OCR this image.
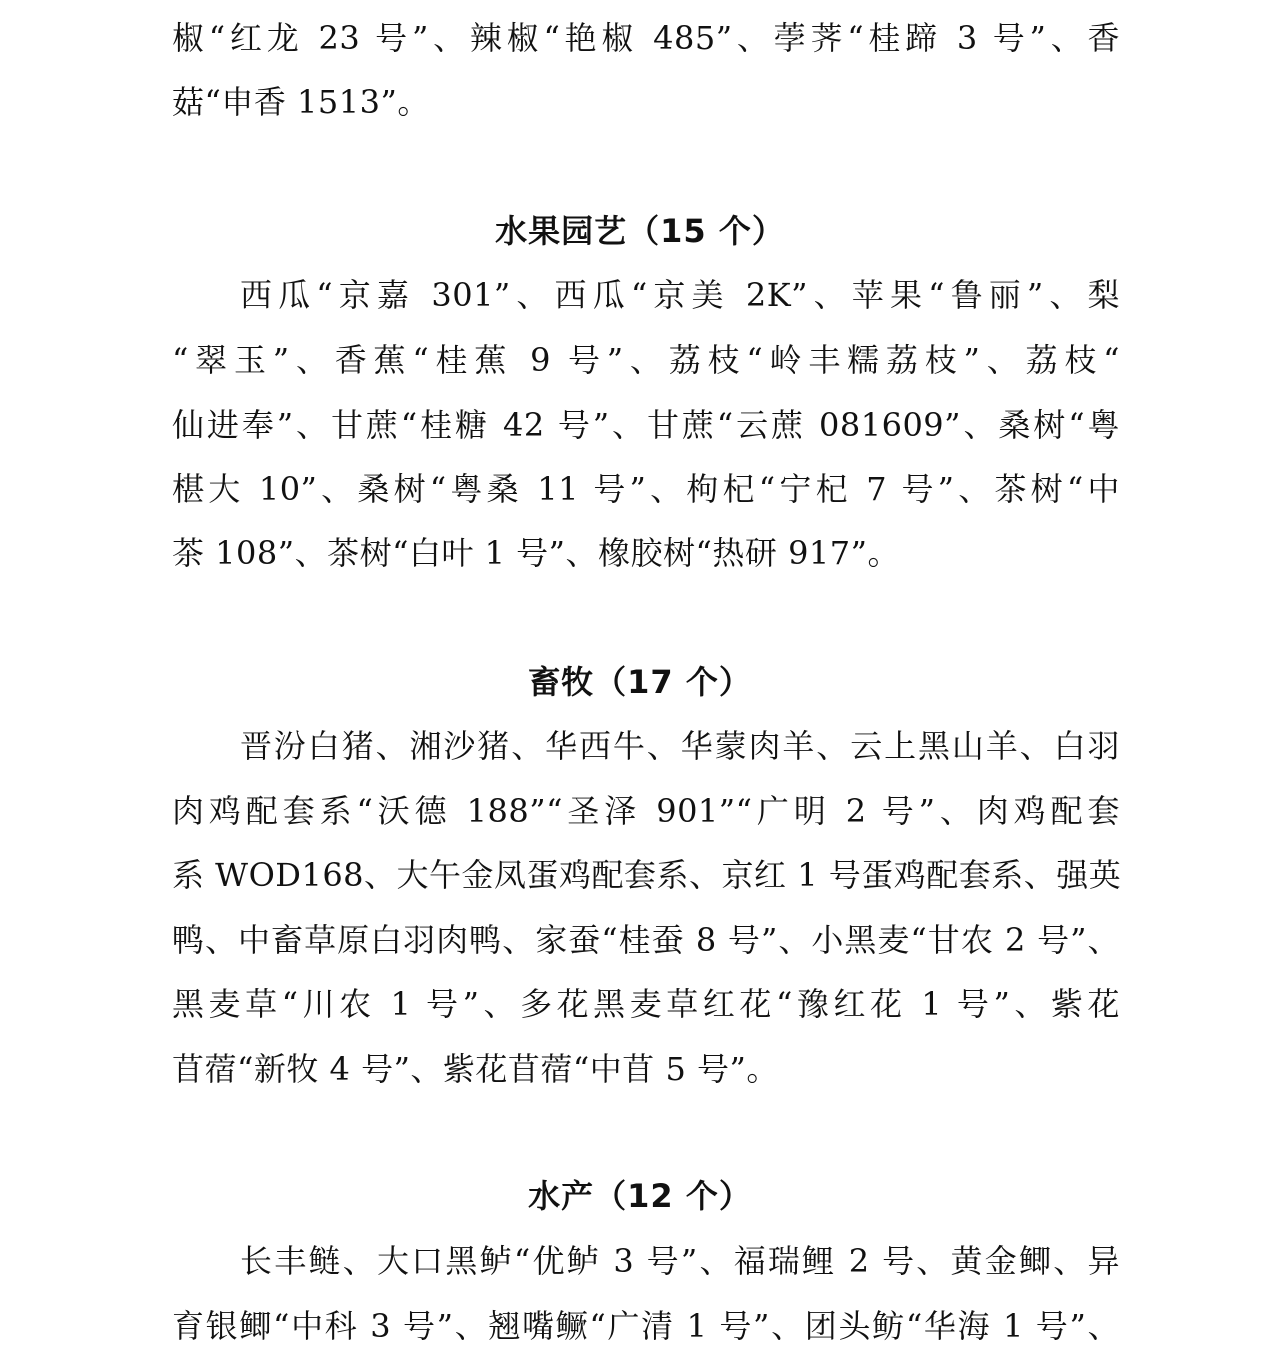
椒“红龙 23 号”、辣椒“艳椒 485”、荸荠“桂蹄 3 号”、香
菇“申香 1513”。
水果园艺（15 个）
西瓜“京嘉 301”、西瓜“京美 2K”、苹果“鲁丽”、梨
“翠玉”、香蕉“桂蕉 9 号”、荔枝“岭丰糯荔枝”、荔枝“
仙进奉”、甘蔗“桂糖 42 号”、甘蔗“云蔗 081609”、桑树“粤
椹大 10”、桑树“粤桑 11 号”、枸杞“宁杞 7 号”、茶树“中
茶 108”、茶树“白叶 1 号”、橡胶树“热研 917”。
畜牧（17 个）
晋汾白猪、湘沙猪、华西牛、华蒙肉羊、云上黑山羊、白羽
肉鸡配套系“沃德 188”“圣泽 901”“广明 2 号”、肉鸡配套
系 WOD168、大午金凤蛋鸡配套系、京红 1 号蛋鸡配套系、强英
鸭、中畜草原白羽肉鸭、家蚕“桂蚕 8 号”、小黑麦“甘农 2 号”、
黑麦草“川农 1 号”、多花黑麦草红花“豫红花 1 号”、紫花
苜蓿“新牧 4 号”、紫花苜蓿“中苜 5 号”。
水产（12 个）
长丰鲢、大口黑鲈“优鲈 3 号”、福瑞鲤 2 号、黄金鲫、异
育银鲫“中科 3 号”、翘嘴鳜“广清 1 号”、团头鲂“华海 1 号”、
